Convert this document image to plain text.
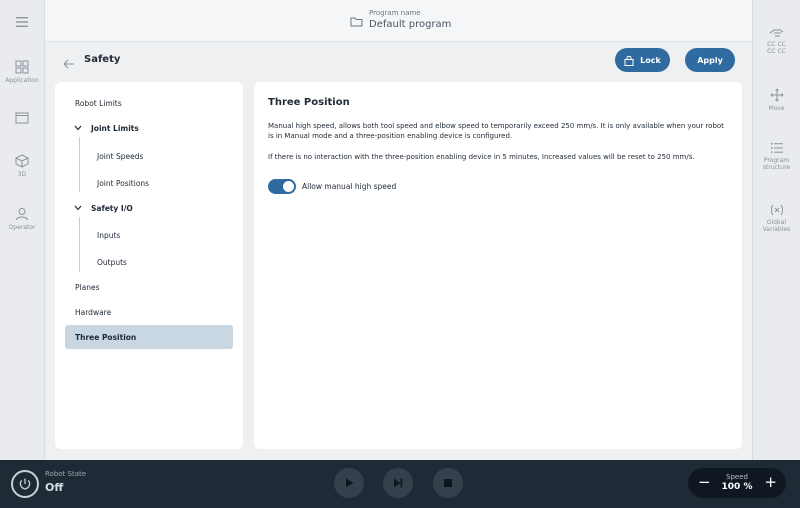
Application
3D
Operator
CC CC
CC CC
Move
Program
structure
Global
Variables
Program name
Default program
Safety	Lock	Apply
Robot Limits
Joint Limits
Joint Speeds
Joint Positions
Safety I/O
Inputs
Outputs
Planes
Hardware
Three Position
Three Position
Manual high speed, allows both tool speed and elbow speed to temporarily exceed 250 mm/s. It is only available when your robot is in Manual mode and a three-position enabling device is configured.
If there is no interaction with the three-position enabling device in 5 minutes, Increased values will be reset to 250 mm/s.
Allow manual high speed
Robot State
Off	−	Speed
100 % +
